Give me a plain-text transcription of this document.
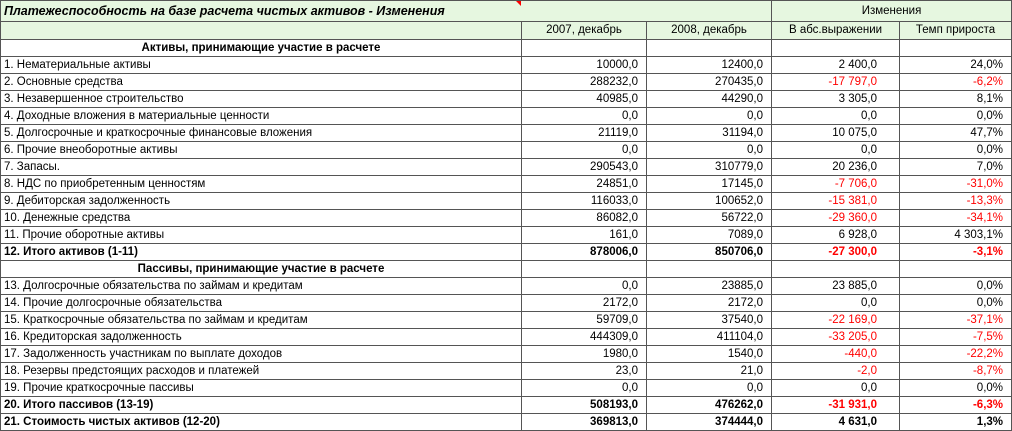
Платежеспособность на базе расчета чистых активов - Изменения			Изменения	
	2007, декабрь	2008, декабрь	В абс.выражении	Темп прироста
Активы, принимающие участие в расчете				
1. Нематериальные активы	10000,0	12400,0	2 400,0	24,0%
2. Основные средства	288232,0	270435,0	-17 797,0	-6,2%
3. Незавершенное строительство	40985,0	44290,0	3 305,0	8,1%
4. Доходные вложения в материальные ценности	0,0	0,0	0,0	0,0%
5. Долгосрочные и краткосрочные финансовые вложения	21119,0	31194,0	10 075,0	47,7%
6. Прочие внеоборотные активы	0,0	0,0	0,0	0,0%
7. Запасы.	290543,0	310779,0	20 236,0	7,0%
8. НДС по приобретенным ценностям	24851,0	17145,0	-7 706,0	-31,0%
9. Дебиторская задолженность	116033,0	100652,0	-15 381,0	-13,3%
10. Денежные средства	86082,0	56722,0	-29 360,0	-34,1%
11. Прочие оборотные активы	161,0	7089,0	6 928,0	4 303,1%
12. Итого активов (1-11)	878006,0	850706,0	-27 300,0	-3,1%
Пассивы, принимающие участие в расчете				
13. Долгосрочные обязательства по займам и кредитам	0,0	23885,0	23 885,0	0,0%
14. Прочие долгосрочные обязательства	2172,0	2172,0	0,0	0,0%
15. Краткосрочные обязательства по займам и кредитам	59709,0	37540,0	-22 169,0	-37,1%
16. Кредиторская задолженность	444309,0	411104,0	-33 205,0	-7,5%
17. Задолженность участникам по выплате доходов	1980,0	1540,0	-440,0	-22,2%
18. Резервы предстоящих расходов и платежей	23,0	21,0	-2,0	-8,7%
19. Прочие краткосрочные пассивы	0,0	0,0	0,0	0,0%
20. Итого пассивов (13-19)	508193,0	476262,0	-31 931,0	-6,3%
21. Стоимость чистых активов (12-20)	369813,0	374444,0	4 631,0	1,3%
